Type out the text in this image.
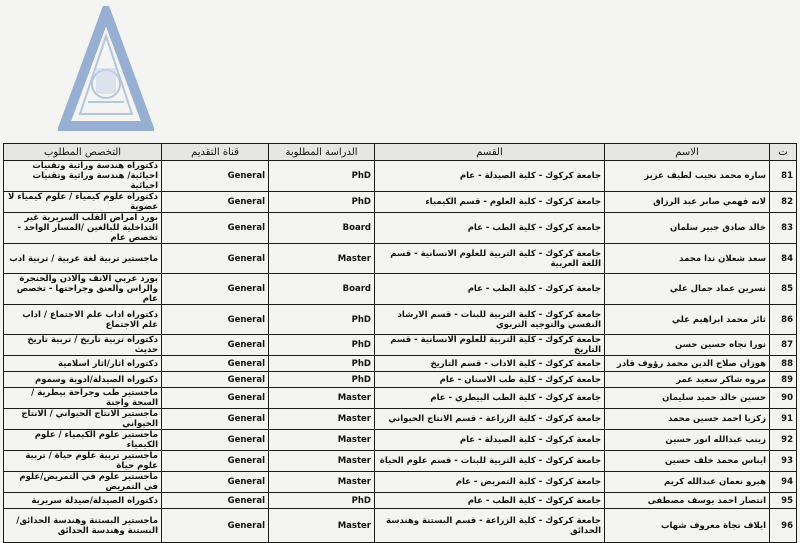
ت	الاسم	القسم	الدراسة المطلوبة	قناة التقديم	التخصص المطلوب
81	ساره محمد نجيب لطيف عزيز	جامعة كركوك - كلية الصيدلة - عام	PhD	General	دكتوراه هندسة وراثية وتقنيات احيائية/ هندسة وراثية وتقنيات احيائية
82	لانه فهمي صابر عبد الرزاق	جامعة كركوك - كلية العلوم - قسم الكيمياء	PhD	General	دكتوراه علوم كيمياء / علوم كيمياء لا عضوية
83	خالد صادق جبير سلمان	جامعة كركوك - كلية الطب - عام	Board	General	بورد امراض القلب السريرية غير التداخلية للبالغين /المسار الواحد - تخصص عام
84	سعد شعلان ندا محمد	جامعة كركوك - كلية التربية للعلوم الانسانية - قسم اللغة العربية	Master	General	ماجستير تربية لغة عربية / تربية ادب
85	نسرين عماد جمال علي	جامعة كركوك - كلية الطب - عام	Board	General	بورد عربي الانف والاذن والحنجرة والراس والعنق وجراحتها - تخصص عام
86	ثائر محمد ابراهيم علي	جامعة كركوك - كلية التربية للبنات - قسم الارشاد النفسي والتوجيه التربوي	PhD	General	دكتوراه اداب علم الاجتماع / اداب علم الاجتماع
87	نورا نجاه حسين حسن	جامعة كركوك - كلية التربية للعلوم الانسانية - قسم التاريخ	PhD	General	دكتوراه تربية تاريخ / تربية تاريخ حديث
88	هوزان صلاح الدين محمد رؤوف قادر	جامعة كركوك - كلية الاداب - قسم التاريخ	PhD	General	دكتوراه اثار/اثار اسلامية
89	مروه شاكر سعيد عمر	جامعة كركوك - كلية طب الاسنان - عام	PhD	General	دكتوراه الصيدلة/ادوية وسموم
90	حسين خالد حميد سليمان	جامعة كركوك - كلية الطب البيطري - عام	Master	General	ماجستير طب وجراحة بيطرية / السجة واجنة
91	زكريا احمد حسين محمد	جامعة كركوك - كلية الزراعة - قسم الانتاج الحيواني	Master	General	ماجستير الانتاج الحيواني / الانتاج الحيواني
92	زينب عبدالله انور حسين	جامعة كركوك - كلية الصيدلة - عام	Master	General	ماجستير علوم الكيمياء / علوم الكيمياء
93	ايناس محمد خلف حسين	جامعة كركوك - كلية التربية للبنات - قسم علوم الحياة	Master	General	ماجستير تربية علوم حياة / تربية علوم حياة
94	هيرو نعمان عبدالله كريم	جامعة كركوك - كلية التمريض - عام	Master	General	ماجستير علوم في التمريض/علوم في التمريض
95	انتصار احمد يوسف مصطفى	جامعة كركوك - كلية الطب - عام	PhD	General	دكتوراه الصيدلة/صيدلة سريرية
96	ايلاف نجاة معروف شهاب	جامعة كركوك - كلية الزراعة - قسم البستنة وهندسة الحدائق	Master	General	ماجستير البستنة وهندسة الحدائق/البستنة وهندسة الحدائق
